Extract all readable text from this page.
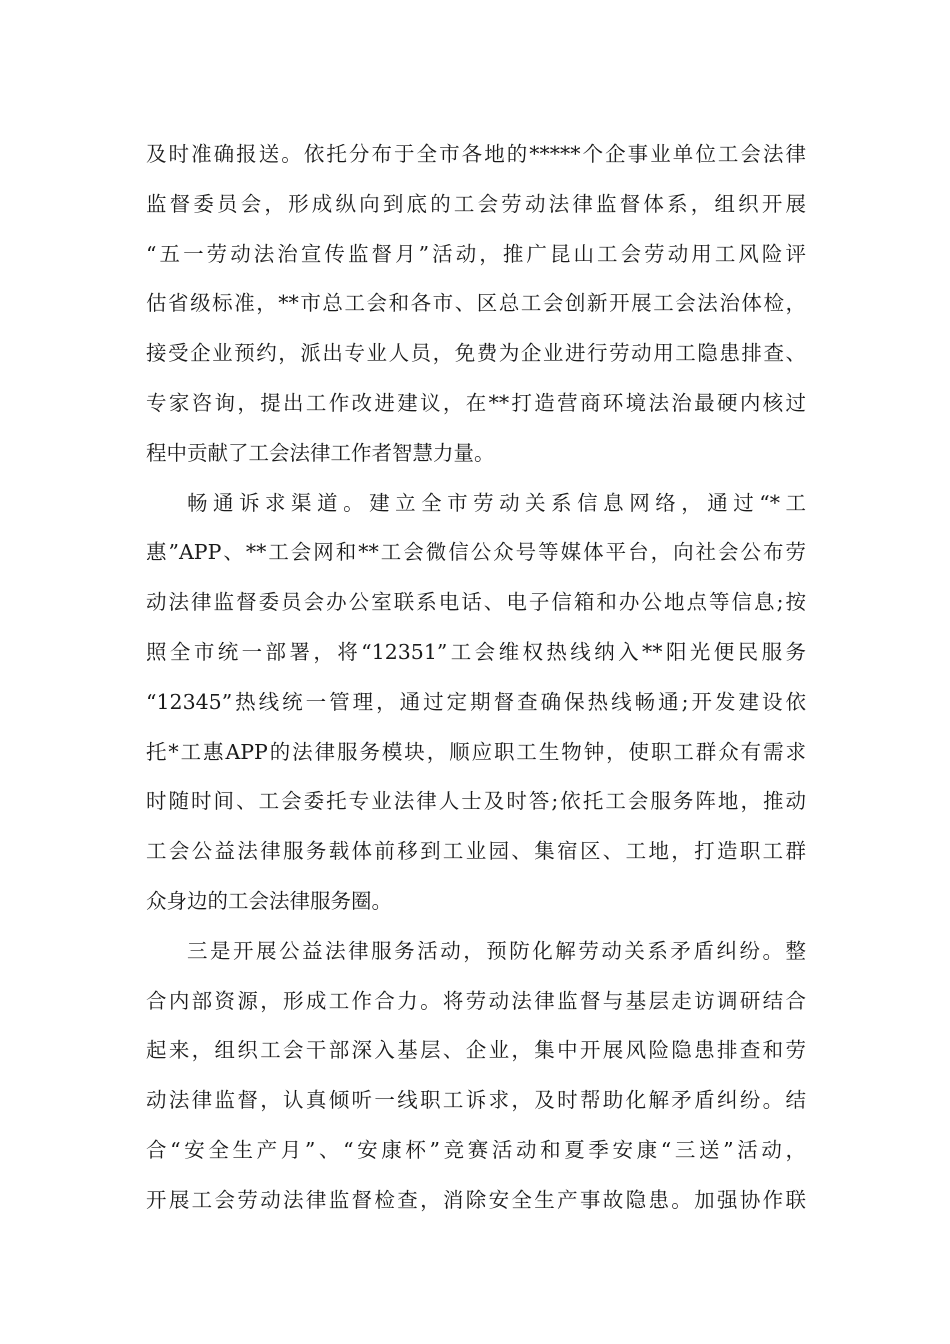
及时准确报送。依托分布于全市各地的*****个企事业单位工会法律
监督委员会，形成纵向到底的工会劳动法律监督体系，组织开展
“五一劳动法治宣传监督月”活动，推广昆山工会劳动用工风险评
估省级标准，**市总工会和各市、区总工会创新开展工会法治体检，
接受企业预约，派出专业人员，免费为企业进行劳动用工隐患排查、
专家咨询，提出工作改进建议，在**打造营商环境法治最硬内核过
程中贡献了工会法律工作者智慧力量。
畅通诉求渠道。建立全市劳动关系信息网络，通过“*工
惠”APP、**工会网和**工会微信公众号等媒体平台，向社会公布劳
动法律监督委员会办公室联系电话、电子信箱和办公地点等信息;按
照全市统一部署，将“12351”工会维权热线纳入**阳光便民服务
“12345”热线统一管理，通过定期督查确保热线畅通;开发建设依
托*工惠APP的法律服务模块，顺应职工生物钟，使职工群众有需求
时随时间、工会委托专业法律人士及时答;依托工会服务阵地，推动
工会公益法律服务载体前移到工业园、集宿区、工地，打造职工群
众身边的工会法律服务圈。
三是开展公益法律服务活动，预防化解劳动关系矛盾纠纷。整
合内部资源，形成工作合力。将劳动法律监督与基层走访调研结合
起来，组织工会干部深入基层、企业，集中开展风险隐患排查和劳
动法律监督，认真倾听一线职工诉求，及时帮助化解矛盾纠纷。结
合“安全生产月”、“安康杯”竞赛活动和夏季安康“三送”活动，
开展工会劳动法律监督检查，消除安全生产事故隐患。加强协作联
